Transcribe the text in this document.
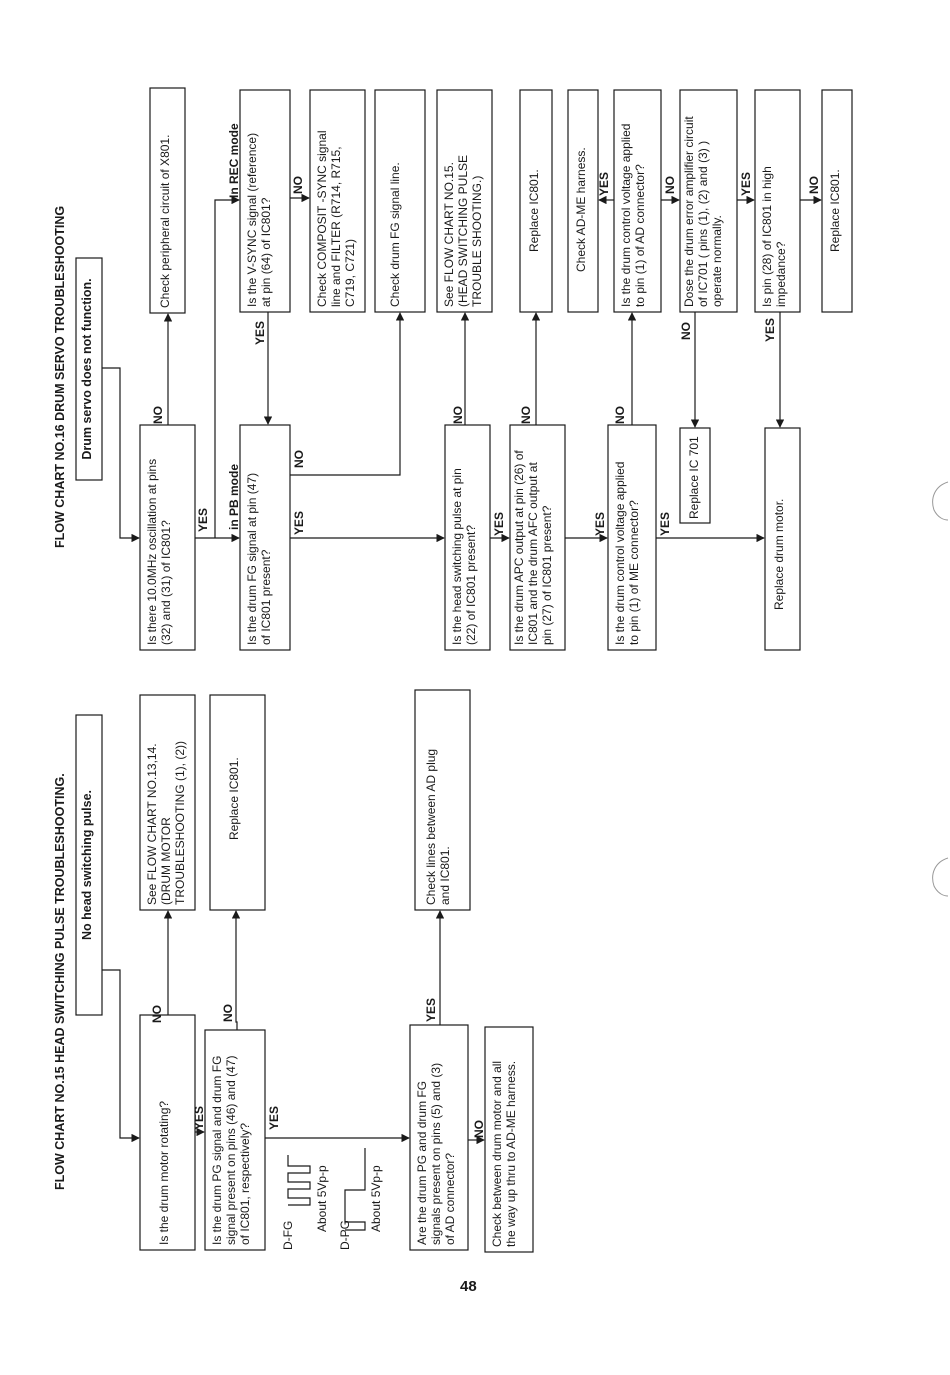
FLOW CHART NO.15 HEAD SWITCHING PULSE TROUBLESHOOTING. No head switching pulse.
Is the drum motor rotating?
See FLOW CHART NO.13,14.
(DRUM MOTOR
TROUBLESHOOTING (1), (2))
Is the drum PG signal and drum FG
signal present on pins (46) and (47)
of IC801, respectively?
Replace IC801.
Are the drum PG and drum FG
signals present on pins (5) and (3)
of AD connector?
Check lines between AD plug
and IC801.
Check between drum motor and all
the way up thru to AD-ME harness.
NO
YES
NO
YES
YES
NO
D-FG
About 5Vp-p
D-PG
About 5Vp-p
FLOW CHART NO.16 DRUM SERVO TROUBLESHOOTING Drum servo does not function.
Is there 10.0MHz oscillation at pins
(32) and (31) of IC801?
Check peripheral circuit of X801.	Is the V-SYNC signal (reference)
at pin (64) of IC801?
Is the drum FG signal at pin (47)
of IC801 present?
Check COMPOSIT -SYNC signal
line and FILTER (R714, R715,
C719, C721)	Check drum FG signal line.	See FLOW CHART NO.15.
(HEAD SWITCHING PULSE
TROUBLE SHOOTING.)
Is the head switching pulse at pin
(22) of IC801 present?
Replace IC801.
Is the drum APC output at pin (26) of
IC801 and the drum AFC output at
pin (27) of IC801 present?
Check AD-ME harness.
Is the drum control voltage applied
to pin (1) of ME connector?
Is the drum control voltage applied
to pin (1) of AD connector?
Replace IC 701
Dose the drum error amplifier circuit
of IC701 ( pins (1), (2) and (3) )
operate normally.
Is pin (28) of IC801 in high
impedance?
Replace drum motor.
Replace IC801.
NO
YES in PB mode
In REC mode
YES
NO
NO
YES
NO
YES
NO
YES
NO
YES
YES	NO
NO
YES
YES
NO
48
